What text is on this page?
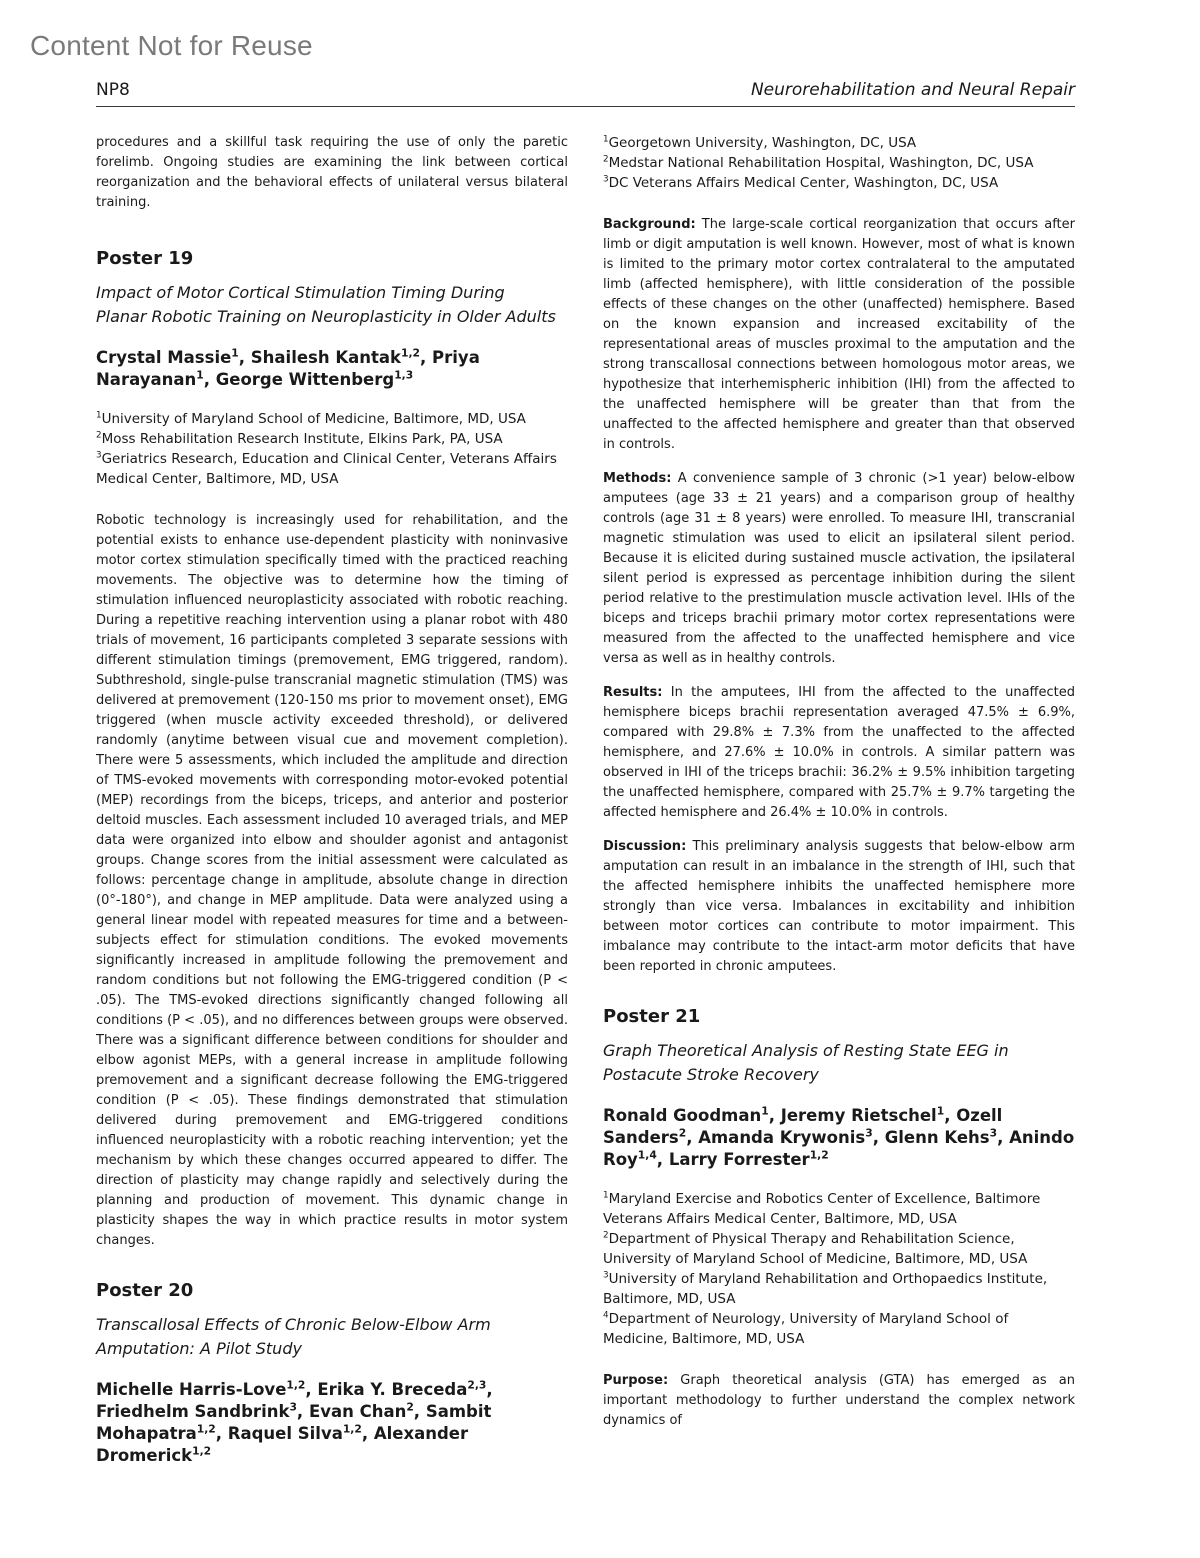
Content Not for Reuse
NP8	Neurorehabilitation and Neural Repair

procedures and a skillful task requiring the use of only the paretic forelimb. Ongoing studies are examining the link between cortical reorganization and the behavioral effects of unilateral versus bilateral training.

Poster 19
Impact of Motor Cortical Stimulation Timing During
Planar Robotic Training on Neuroplasticity in Older Adults
Crystal Massie$^1$, Shailesh Kantak$^{1,2}$, Priya Narayanan$^1$, George Wittenberg$^{1,3}$
$^1$University of Maryland School of Medicine, Baltimore, MD, USA
$^2$Moss Rehabilitation Research Institute, Elkins Park, PA, USA
$^3$Geriatrics Research, Education and Clinical Center, Veterans Affairs Medical Center, Baltimore, MD, USA

Robotic technology is increasingly used for rehabilitation, and the potential exists to enhance use-dependent plasticity with noninvasive motor cortex stimulation specifically timed with the practiced reaching movements. The objective was to determine how the timing of stimulation influenced neuroplasticity associated with robotic reaching. During a repetitive reaching intervention using a planar robot with 480 trials of movement, 16 participants completed 3 separate sessions with different stimulation timings (premovement, EMG triggered, random). Subthreshold, single-pulse transcranial magnetic stimulation (TMS) was delivered at premovement (120-150 ms prior to movement onset), EMG triggered (when muscle activity exceeded threshold), or delivered randomly (anytime between visual cue and movement completion). There were 5 assessments, which included the amplitude and direction of TMS-evoked movements with corresponding motor-evoked potential (MEP) recordings from the biceps, triceps, and anterior and posterior deltoid muscles. Each assessment included 10 averaged trials, and MEP data were organized into elbow and shoulder agonist and antagonist groups. Change scores from the initial assessment were calculated as follows: percentage change in amplitude, absolute change in direction (0°-180°), and change in MEP amplitude. Data were analyzed using a general linear model with repeated measures for time and a between-subjects effect for stimulation conditions. The evoked movements significantly increased in amplitude following the premovement and random conditions but not following the EMG-triggered condition (P < .05). The TMS-evoked directions significantly changed following all conditions (P < .05), and no differences between groups were observed. There was a significant difference between conditions for shoulder and elbow agonist MEPs, with a general increase in amplitude following premovement and a significant decrease following the EMG-triggered condition (P < .05). These findings demonstrated that stimulation delivered during premovement and EMG-triggered conditions influenced neuroplasticity with a robotic reaching intervention; yet the mechanism by which these changes occurred appeared to differ. The direction of plasticity may change rapidly and selectively during the planning and production of movement. This dynamic change in plasticity shapes the way in which practice results in motor system changes.

Poster 20
Transcallosal Effects of Chronic Below-Elbow Arm
Amputation: A Pilot Study
Michelle Harris-Love$^{1,2}$, Erika Y. Breceda$^{2,3}$, Friedhelm Sandbrink$^3$, Evan Chan$^2$, Sambit Mohapatra$^{1,2}$, Raquel Silva$^{1,2}$, Alexander Dromerick$^{1,2}$
$^1$Georgetown University, Washington, DC, USA
$^2$Medstar National Rehabilitation Hospital, Washington, DC, USA
$^3$DC Veterans Affairs Medical Center, Washington, DC, USA

Background: The large-scale cortical reorganization that occurs after limb or digit amputation is well known. However, most of what is known is limited to the primary motor cortex contralateral to the amputated limb (affected hemisphere), with little consideration of the possible effects of these changes on the other (unaffected) hemisphere. Based on the known expansion and increased excitability of the representational areas of muscles proximal to the amputation and the strong transcallosal connections between homologous motor areas, we hypothesize that interhemispheric inhibition (IHI) from the affected to the unaffected hemisphere will be greater than that from the unaffected to the affected hemisphere and greater than that observed in controls.

Methods: A convenience sample of 3 chronic (>1 year) below-elbow amputees (age 33 ± 21 years) and a comparison group of healthy controls (age 31 ± 8 years) were enrolled. To measure IHI, transcranial magnetic stimulation was used to elicit an ipsilateral silent period. Because it is elicited during sustained muscle activation, the ipsilateral silent period is expressed as percentage inhibition during the silent period relative to the prestimulation muscle activation level. IHIs of the biceps and triceps brachii primary motor cortex representations were measured from the affected to the unaffected hemisphere and vice versa as well as in healthy controls.

Results: In the amputees, IHI from the affected to the unaffected hemisphere biceps brachii representation averaged 47.5% ± 6.9%, compared with 29.8% ± 7.3% from the unaffected to the affected hemisphere, and 27.6% ± 10.0% in controls. A similar pattern was observed in IHI of the triceps brachii: 36.2% ± 9.5% inhibition targeting the unaffected hemisphere, compared with 25.7% ± 9.7% targeting the affected hemisphere and 26.4% ± 10.0% in controls.

Discussion: This preliminary analysis suggests that below-elbow arm amputation can result in an imbalance in the strength of IHI, such that the affected hemisphere inhibits the unaffected hemisphere more strongly than vice versa. Imbalances in excitability and inhibition between motor cortices can contribute to motor impairment. This imbalance may contribute to the intact-arm motor deficits that have been reported in chronic amputees.

Poster 21
Graph Theoretical Analysis of Resting State EEG in
Postacute Stroke Recovery
Ronald Goodman$^1$, Jeremy Rietschel$^1$, Ozell Sanders$^2$, Amanda Krywonis$^3$, Glenn Kehs$^3$, Anindo Roy$^{1,4}$, Larry Forrester$^{1,2}$
$^1$Maryland Exercise and Robotics Center of Excellence, Baltimore Veterans Affairs Medical Center, Baltimore, MD, USA
$^2$Department of Physical Therapy and Rehabilitation Science, University of Maryland School of Medicine, Baltimore, MD, USA
$^3$University of Maryland Rehabilitation and Orthopaedics Institute, Baltimore, MD, USA
$^4$Department of Neurology, University of Maryland School of Medicine, Baltimore, MD, USA

Purpose: Graph theoretical analysis (GTA) has emerged as an important methodology to further understand the complex network dynamics of
